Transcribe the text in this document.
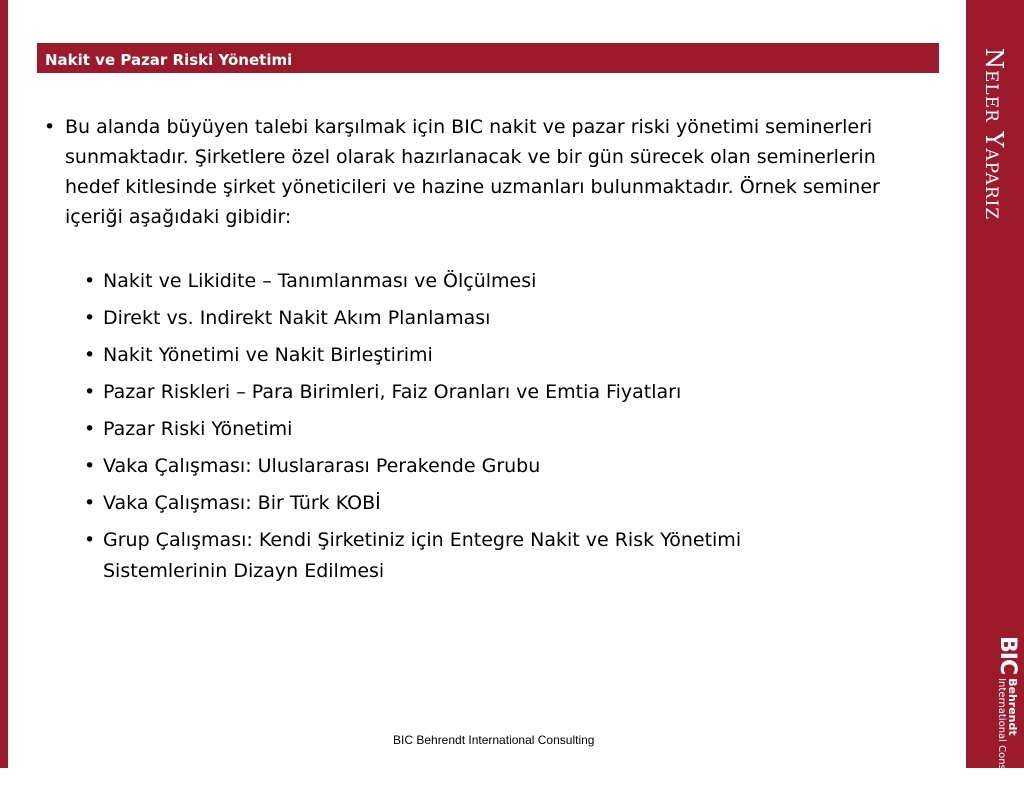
Neler Yaparız
BIC
Behrendt
International Consulting
Nakit ve Pazar Riski Yönetimi
• Bu alanda büyüyen talebi karşılmak için BIC nakit ve pazar riski yönetimi seminerleri sunmaktadır. Şirketlere özel olarak hazırlanacak ve bir gün sürecek olan seminerlerin hedef kitlesinde şirket yöneticileri ve hazine uzmanları bulunmaktadır. Örnek seminer içeriği aşağıdaki gibidir:
• Nakit ve Likidite – Tanımlanması ve Ölçülmesi
• Direkt vs. Indirekt Nakit Akım Planlaması
• Nakit Yönetimi ve Nakit Birleştirimi
• Pazar Riskleri – Para Birimleri, Faiz Oranları ve Emtia Fiyatları
• Pazar Riski Yönetimi
• Vaka Çalışması: Uluslararası Perakende Grubu
• Vaka Çalışması: Bir Türk KOBİ
• Grup Çalışması: Kendi Şirketiniz için Entegre Nakit ve Risk Yönetimi Sistemlerinin Dizayn Edilmesi
BIC Behrendt International Consulting
